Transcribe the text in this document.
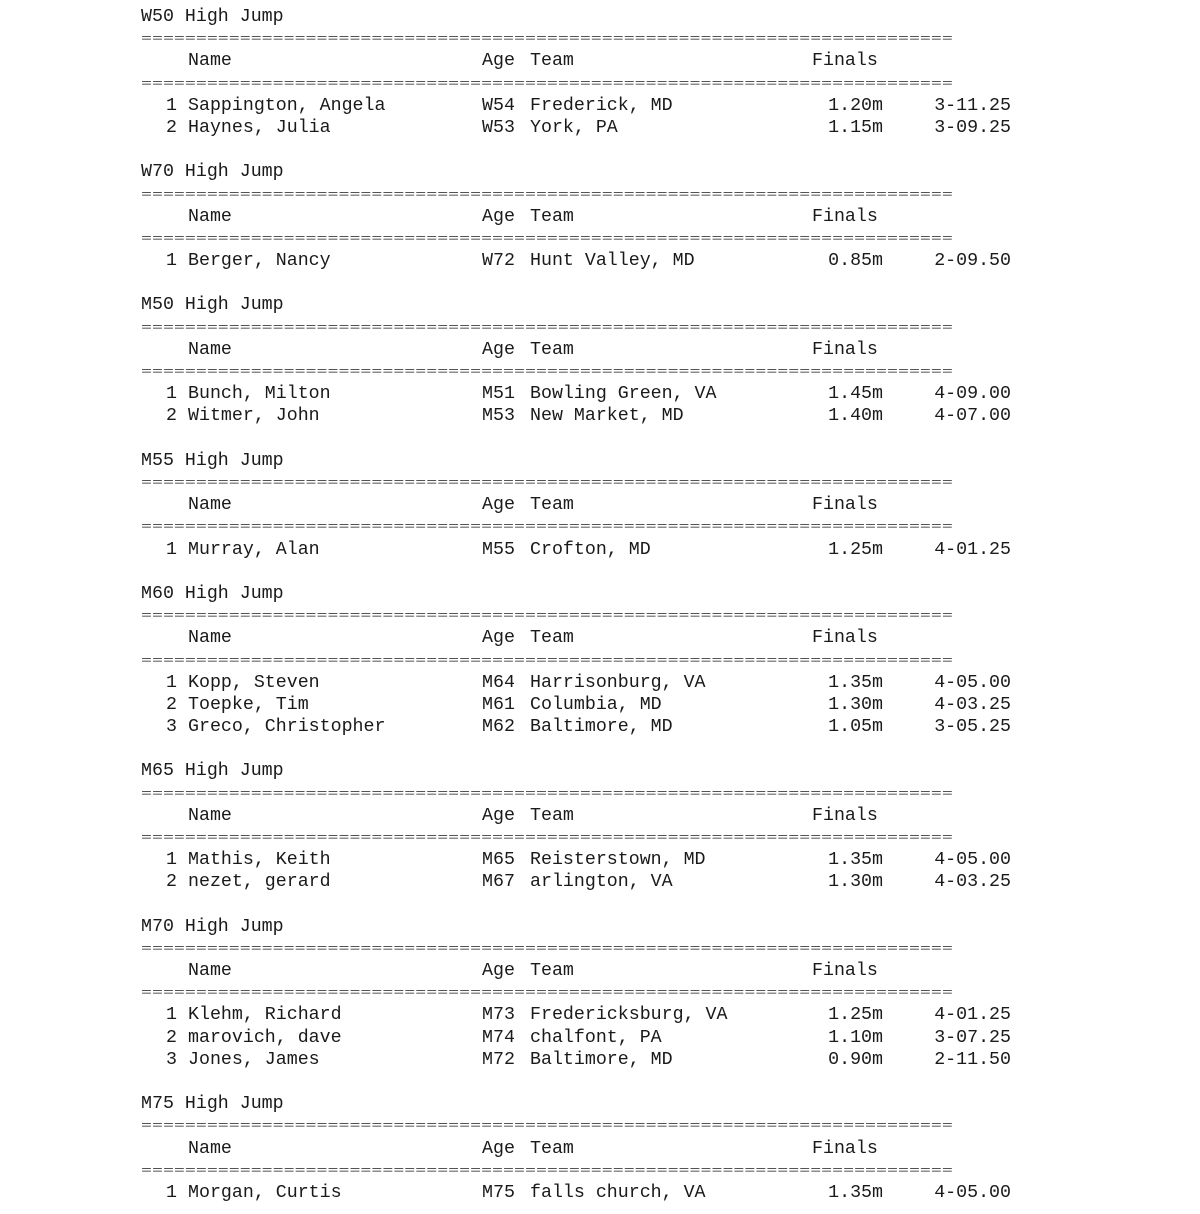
W50 High Jump
==========================================================================
Name	Age Team	Finals
==========================================================================
1 Sappington, Angela	W54 Frederick, MD	1.20m	3-11.25
2 Haynes, Julia	W53 York, PA	1.15m	3-09.25
W70 High Jump
==========================================================================
Name	Age Team	Finals
==========================================================================
1 Berger, Nancy	W72 Hunt Valley, MD	0.85m	2-09.50
M50 High Jump
==========================================================================
Name	Age Team	Finals
==========================================================================
1 Bunch, Milton	M51 Bowling Green, VA	1.45m	4-09.00
2 Witmer, John	M53 New Market, MD	1.40m	4-07.00
M55 High Jump
==========================================================================
Name	Age Team	Finals
==========================================================================
1 Murray, Alan	M55 Crofton, MD	1.25m	4-01.25
M60 High Jump
==========================================================================
Name	Age Team	Finals
==========================================================================
1 Kopp, Steven	M64 Harrisonburg, VA	1.35m	4-05.00
2 Toepke, Tim	M61 Columbia, MD	1.30m	4-03.25
3 Greco, Christopher	M62 Baltimore, MD	1.05m	3-05.25
M65 High Jump
==========================================================================
Name	Age Team	Finals
==========================================================================
1 Mathis, Keith	M65 Reisterstown, MD	1.35m	4-05.00
2 nezet, gerard	M67 arlington, VA	1.30m	4-03.25
M70 High Jump
==========================================================================
Name	Age Team	Finals
==========================================================================
1 Klehm, Richard	M73 Fredericksburg, VA	1.25m	4-01.25
2 marovich, dave	M74 chalfont, PA	1.10m	3-07.25
3 Jones, James	M72 Baltimore, MD	0.90m	2-11.50
M75 High Jump
==========================================================================
Name	Age Team	Finals
==========================================================================
1 Morgan, Curtis	M75 falls church, VA	1.35m	4-05.00
